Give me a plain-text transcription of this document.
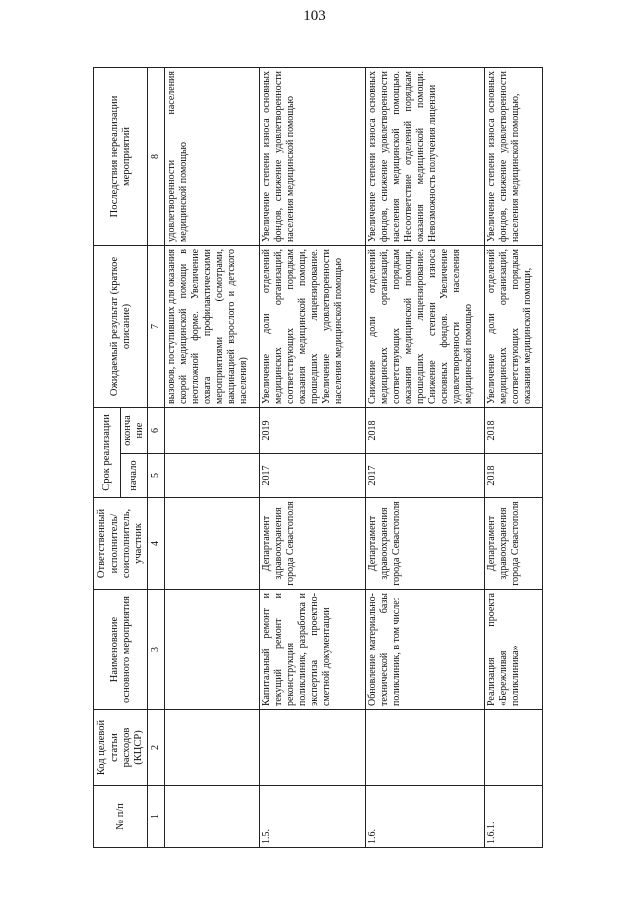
103
№ п/п	Код целевой статьи расходов (КЦСР)	Наименование основного мероприятия	Ответственный исполнитель/ соисполнитель, участник	Срок реализации		Ожидаемый результат (краткое описание)	Последствия нереализации мероприятий
				начало	оконча ние		
1	2	3	4	5	6	7	8
						вызовов, поступивших для оказания скорой медицинской помощи в неотложной форме. Увеличение охвата профилактическими мероприятиями (осмотрами, вакцинацией взрослого и детского населения)	удовлетворенности населения медицинской помощью
1.5.		Капитальный ремонт и текущий ремонт и реконструкция поликлиник, разработка и экспертиза проектно-сметной документации	Департамент здравоохранения города Севастополя	2017	2019	Увеличение доли отделений медицинских организаций, соответствующих порядкам оказания медицинской помощи, прошедших лицензирование. Увеличение удовлетворенности населения медицинской помощью	Увеличение степени износа основных фондов, снижение удовлетворенности населения медицинской помощью
1.6.		Обновление материально-технической базы поликлиник, в том числе:	Департамент здравоохранения города Севастополя	2017	2018	Снижение доли отделений медицинских организаций, соответствующих порядкам оказания медицинской помощи, прошедших лицензирование. Снижение степени износа основных фондов. Увеличение удовлетворенности населения медицинской помощью	Увеличение степени износа основных фондов, снижение удовлетворенности населения медицинской помощью. Несоответствие отделений порядкам оказания медицинской помощи. Невозможность получения лицензии
1.6.1.		Реализация проекта «Бережливая поликлиника»	Департамент здравоохранения города Севастополя	2018	2018	Увеличение доли отделений медицинских организаций, соответствующих порядкам оказания медицинской помощи,	Увеличение степени износа основных фондов, снижение удовлетворенности населения медицинской помощью,
